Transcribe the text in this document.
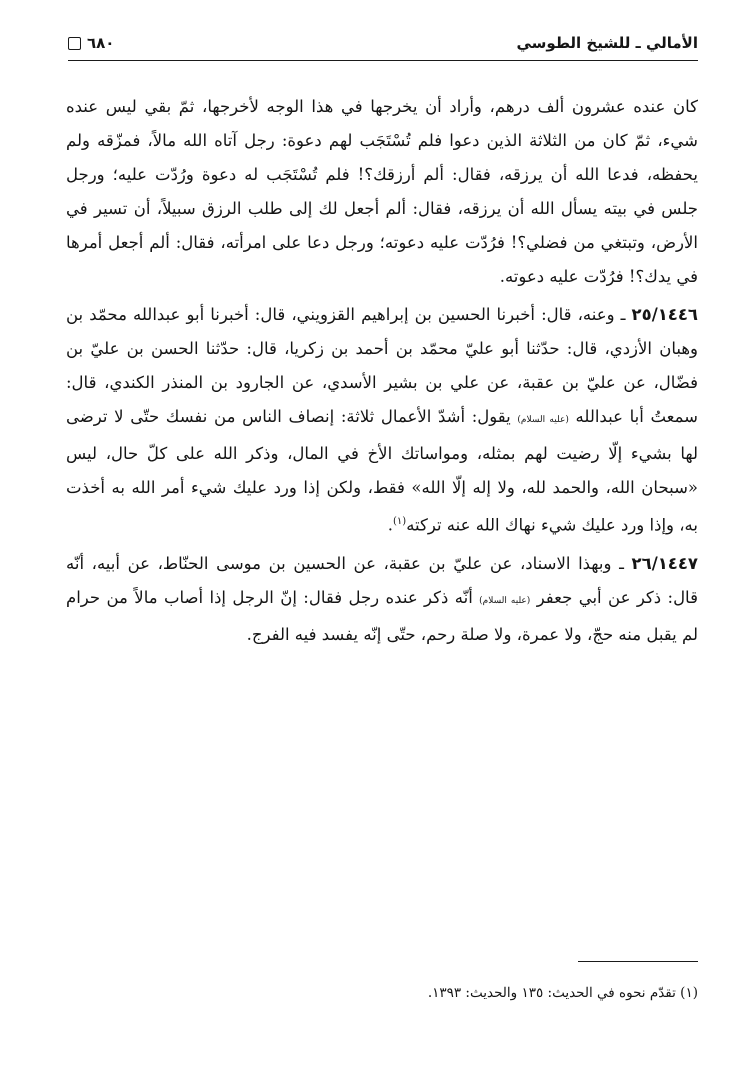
الأمالي ـ للشيخ الطوسي
٦٨٠

كان عنده عشرون ألف درهم، وأراد أن يخرجها في هذا الوجه لأخرجها، ثمّ بقي ليس عنده شيء، ثمّ كان من الثلاثة الذين دعوا فلم تُسْتَجَب لهم دعوة: رجل آتاه الله مالاً، فمزّقه ولم يحفظه، فدعا الله أن يرزقه، فقال: ألم أرزقك؟! فلم تُسْتَجَب له دعوة ورُدّت عليه؛ ورجل جلس في بيته يسأل الله أن يرزقه، فقال: ألم أجعل لك إلى طلب الرزق سبيلاً، أن تسير في الأرض، وتبتغي من فضلي؟! فرُدّت عليه دعوته؛ ورجل دعا على امرأته، فقال: ألم أجعل أمرها في يدك؟! فرُدّت عليه دعوته.

٢٥/١٤٤٦ ـ وعنه، قال: أخبرنا الحسين بن إبراهيم القزويني، قال: أخبرنا أبو عبدالله محمّد بن وهبان الأزدي، قال: حدّثنا أبو عليّ محمّد بن أحمد بن زكريا، قال: حدّثنا الحسن بن عليّ بن فضّال، عن عليّ بن عقبة، عن علي بن بشير الأسدي، عن الجارود بن المنذر الكندي، قال: سمعتُ أبا عبدالله (عليه السلام) يقول: أشدّ الأعمال ثلاثة: إنصاف الناس من نفسك حتّى لا ترضى لها بشيء إلّا رضيت لهم بمثله، ومواساتك الأخ في المال، وذكر الله على كلّ حال، ليس «سبحان الله، والحمد لله، ولا إله إلّا الله» فقط، ولكن إذا ورد عليك شيء أمر الله به أخذت به، وإذا ورد عليك شيء نهاك الله عنه تركته$^{(١)}$.

٢٦/١٤٤٧ ـ وبهذا الاسناد، عن عليّ بن عقبة، عن الحسين بن موسى الحنّاط، عن أبيه، أنّه قال: ذكر عن أبي جعفر (عليه السلام) أنّه ذكر عنده رجل فقال: إنّ الرجل إذا أصاب مالاً من حرام لم يقبل منه حجّ، ولا عمرة، ولا صلة رحم، حتّى إنّه يفسد فيه الفرج.

(١) تقدّم نحوه في الحديث: ١٣٥ والحديث: ١٣٩٣.
